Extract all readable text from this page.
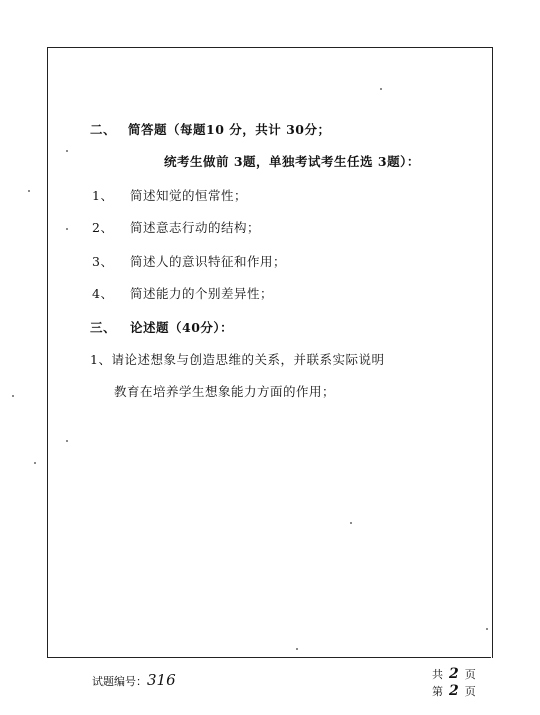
二、 简答题（每题10 分，共计 30分；
统考生做前 3题，单独考试考生任选 3题）：
1、 简述知觉的恒常性；
2、 简述意志行动的结构；
3、 简述人的意识特征和作用；
4、 简述能力的个别差异性；
三、 论述题（40分）：
1、请论述想象与创造思维的关系，并联系实际说明
教育在培养学生想象能力方面的作用；
试题编号：316	共 2 页
第 2 页
